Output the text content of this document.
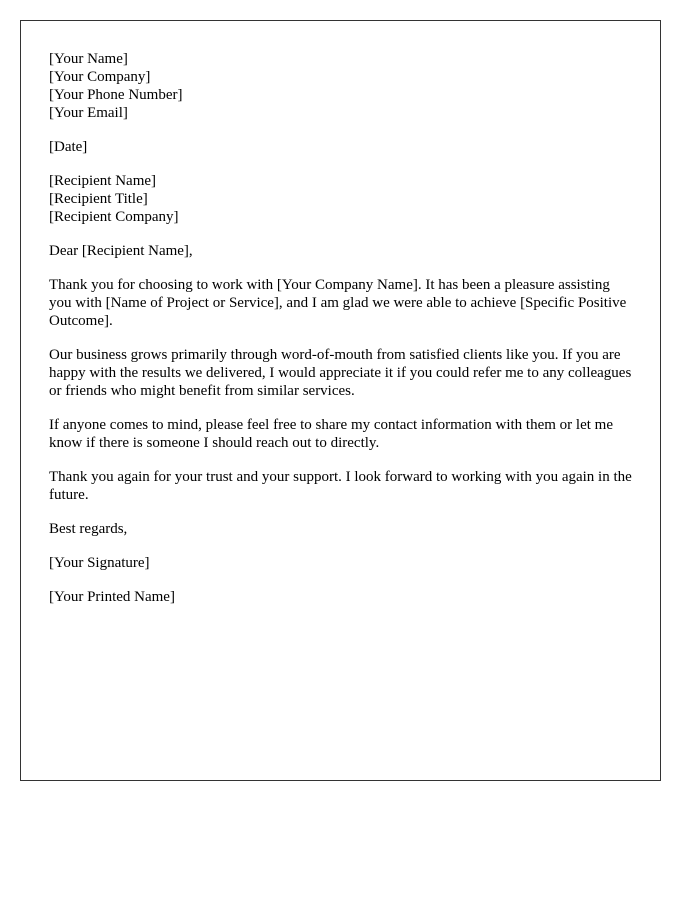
[Your Name]
[Your Company]
[Your Phone Number]
[Your Email]
[Date]
[Recipient Name]
[Recipient Title]
[Recipient Company]
Dear [Recipient Name],

Thank you for choosing to work with [Your Company Name]. It has been a pleasure assisting you with [Name of Project or Service], and I am glad we were able to achieve [Specific Positive Outcome].

Our business grows primarily through word-of-mouth from satisfied clients like you. If you are happy with the results we delivered, I would appreciate it if you could refer me to any colleagues or friends who might benefit from similar services.

If anyone comes to mind, please feel free to share my contact information with them or let me know if there is someone I should reach out to directly.

Thank you again for your trust and your support. I look forward to working with you again in the future.

Best regards,
[Your Signature]
[Your Printed Name]
